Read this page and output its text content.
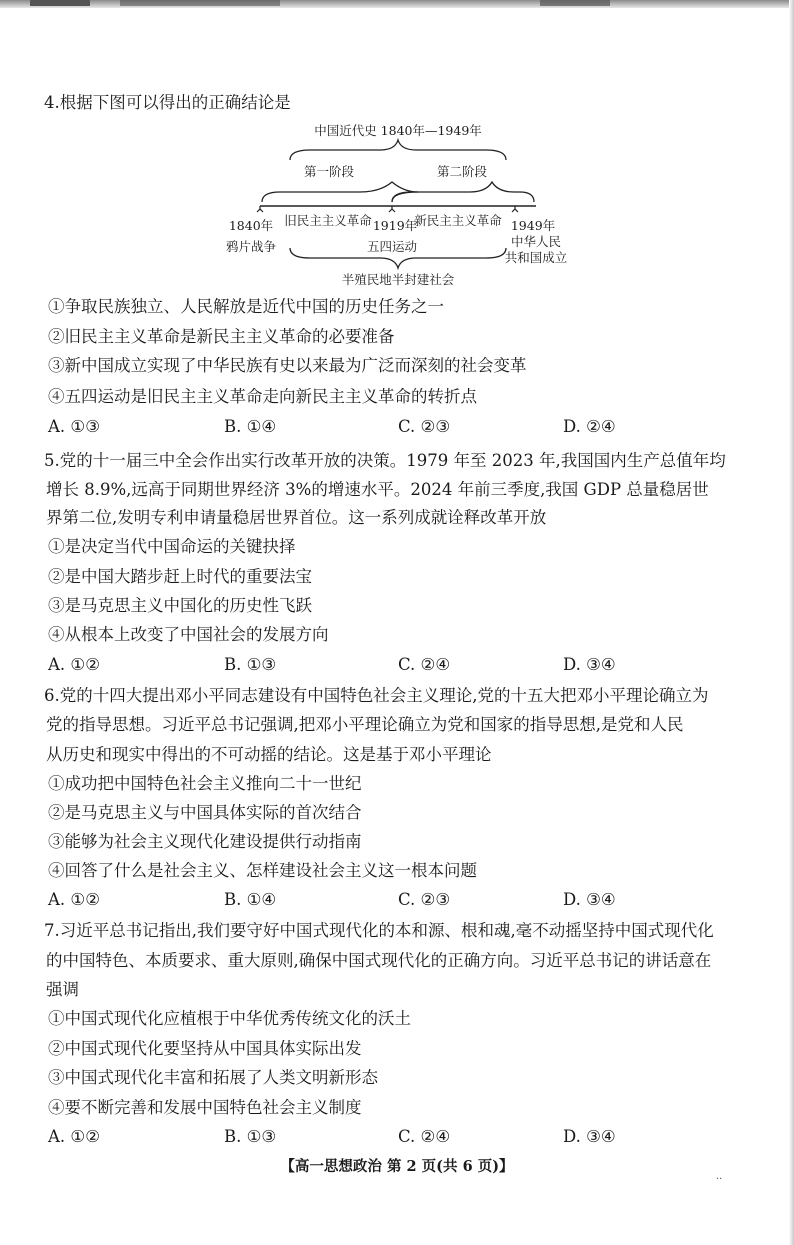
4.根据下图可以得出的正确结论是
中国近代史 1840年—1949年
第一阶段	第二阶段
1840年
鸦片战争
旧民主主义革命 1919年
五四运动
新民主主义革命 1949年
中华人民
共和国成立
半殖民地半封建社会
①争取民族独立、人民解放是近代中国的历史任务之一
②旧民主主义革命是新民主主义革命的必要准备
③新中国成立实现了中华民族有史以来最为广泛而深刻的社会变革
④五四运动是旧民主主义革命走向新民主主义革命的转折点
A. ①③	B. ①④	C. ②③	D. ②④
5.党的十一届三中全会作出实行改革开放的决策。1979 年至 2023 年,我国国内生产总值年均
增长 8.9%,远高于同期世界经济 3%的增速水平。2024 年前三季度,我国 GDP 总量稳居世
界第二位,发明专利申请量稳居世界首位。这一系列成就诠释改革开放
①是决定当代中国命运的关键抉择
②是中国大踏步赶上时代的重要法宝
③是马克思主义中国化的历史性飞跃
④从根本上改变了中国社会的发展方向
A. ①②	B. ①③	C. ②④	D. ③④
6.党的十四大提出邓小平同志建设有中国特色社会主义理论,党的十五大把邓小平理论确立为
党的指导思想。习近平总书记强调,把邓小平理论确立为党和国家的指导思想,是党和人民
从历史和现实中得出的不可动摇的结论。这是基于邓小平理论
①成功把中国特色社会主义推向二十一世纪
②是马克思主义与中国具体实际的首次结合
③能够为社会主义现代化建设提供行动指南
④回答了什么是社会主义、怎样建设社会主义这一根本问题
A. ①②	B. ①④	C. ②③	D. ③④
7.习近平总书记指出,我们要守好中国式现代化的本和源、根和魂,毫不动摇坚持中国式现代化
的中国特色、本质要求、重大原则,确保中国式现代化的正确方向。习近平总书记的讲话意在
强调
①中国式现代化应植根于中华优秀传统文化的沃土
②中国式现代化要坚持从中国具体实际出发
③中国式现代化丰富和拓展了人类文明新形态
④要不断完善和发展中国特色社会主义制度
A. ①②	B. ①③	C. ②④	D. ③④
【高一思想政治 第 2 页(共 6 页)】
··
